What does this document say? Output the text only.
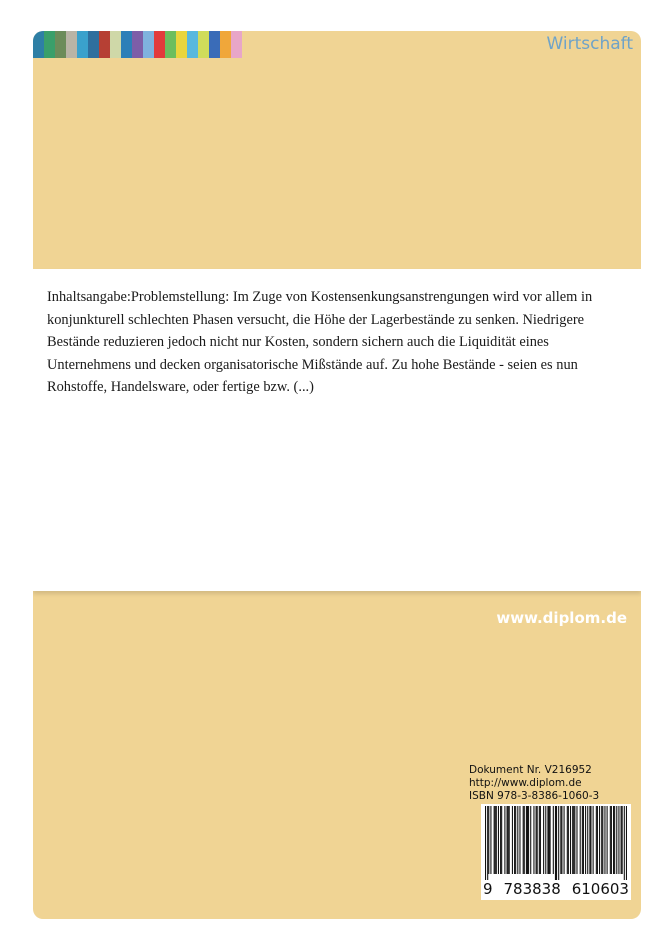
Wirtschaft

Inhaltsangabe:Problemstellung: Im Zuge von Kostensenkungsanstrengungen wird vor allem in konjunkturell schlechten Phasen versucht, die Höhe der Lagerbestände zu senken. Niedrigere Bestände reduzieren jedoch nicht nur Kosten, sondern sichern auch die Liquidität eines Unternehmens und decken organisatorische Mißstände auf. Zu hohe Bestände - seien es nun Rohstoffe, Handelsware, oder fertige bzw. (...)

www.diplom.de

Dokument Nr. V216952
http://www.diplom.de
ISBN 978-3-8386-1060-3
9 783838 610603
